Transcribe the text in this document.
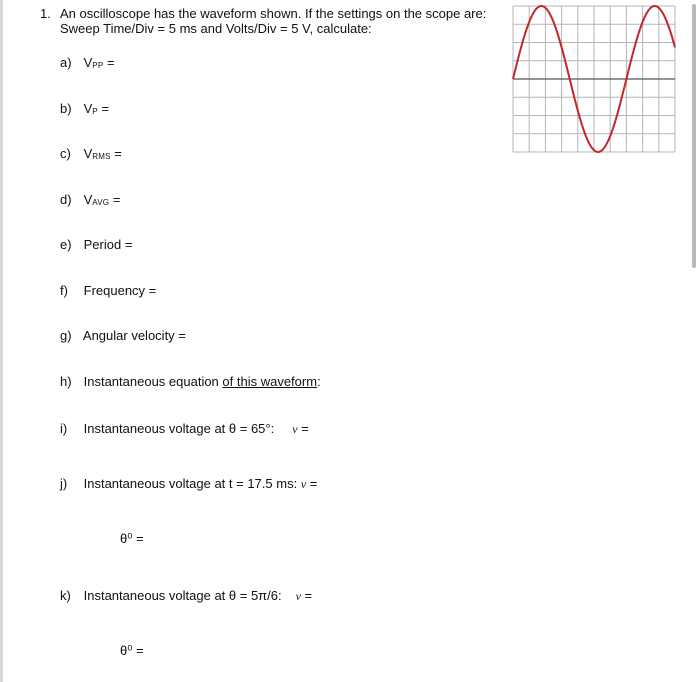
1. An oscilloscope has the waveform shown. If the settings on the scope are:
Sweep Time/Div = 5 ms and Volts/Div = 5 V, calculate:
a) VPP =
b) VP =
c) VRMS =
d) VAVG =
e) Period =
f) Frequency =
g) Angular velocity =
h) Instantaneous equation of this waveform:
i) Instantaneous voltage at θ = 65°: v =
j) Instantaneous voltage at t = 17.5 ms: v =
θ⁰ =
k) Instantaneous voltage at θ = 5π/6: v =
θ⁰ =
